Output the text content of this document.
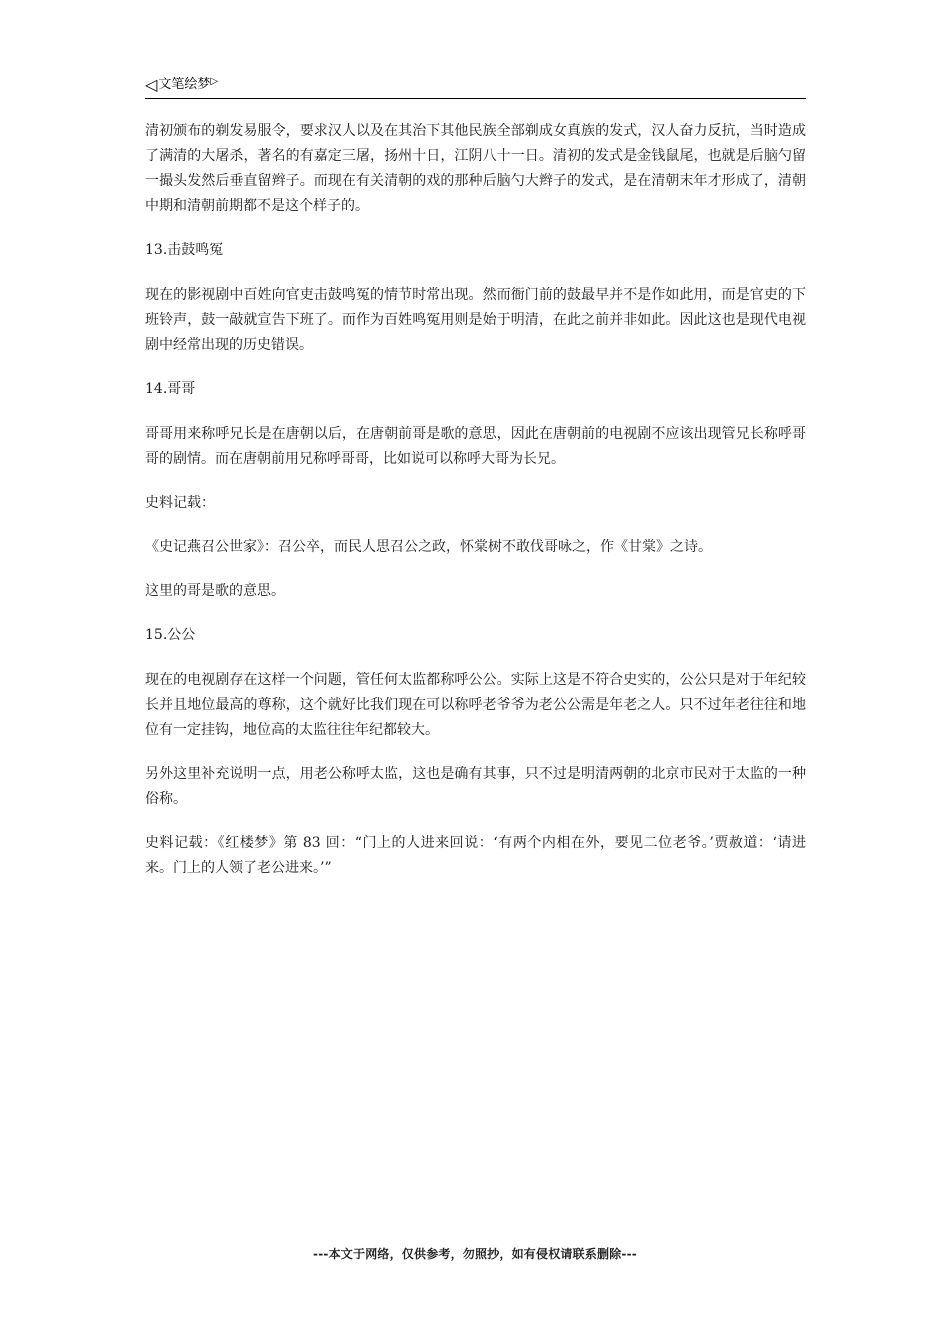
◁文笔绘梦▷

清初颁布的剃发易服令，要求汉人以及在其治下其他民族全部剃成女真族的发式，汉人奋力反抗，当时造成了满清的大屠杀，著名的有嘉定三屠，扬州十日，江阴八十一日。清初的发式是金钱鼠尾，也就是后脑勺留一撮头发然后垂直留辫子。而现在有关清朝的戏的那种后脑勺大辫子的发式，是在清朝末年才形成了，清朝中期和清朝前期都不是这个样子的。

13.击鼓鸣冤

现在的影视剧中百姓向官吏击鼓鸣冤的情节时常出现。然而衙门前的鼓最早并不是作如此用，而是官吏的下班铃声，鼓一敲就宣告下班了。而作为百姓鸣冤用则是始于明清，在此之前并非如此。因此这也是现代电视剧中经常出现的历史错误。

14.哥哥

哥哥用来称呼兄长是在唐朝以后，在唐朝前哥是歌的意思，因此在唐朝前的电视剧不应该出现管兄长称呼哥哥的剧情。而在唐朝前用兄称呼哥哥，比如说可以称呼大哥为长兄。

史料记载：

《史记燕召公世家》：召公卒，而民人思召公之政，怀棠树不敢伐哥咏之，作《甘棠》之诗。

这里的哥是歌的意思。

15.公公

现在的电视剧存在这样一个问题，管任何太监都称呼公公。实际上这是不符合史实的，公公只是对于年纪较长并且地位最高的尊称，这个就好比我们现在可以称呼老爷爷为老公公需是年老之人。只不过年老往往和地位有一定挂钩，地位高的太监往往年纪都较大。

另外这里补充说明一点，用老公称呼太监，这也是确有其事，只不过是明清两朝的北京市民对于太监的一种俗称。

史料记载：《红楼梦》第 83 回：“门上的人进来回说：‘有两个内相在外，要见二位老爷。’贾赦道：‘请进来。门上的人领了老公进来。’”

---本文于网络，仅供参考，勿照抄，如有侵权请联系删除---
